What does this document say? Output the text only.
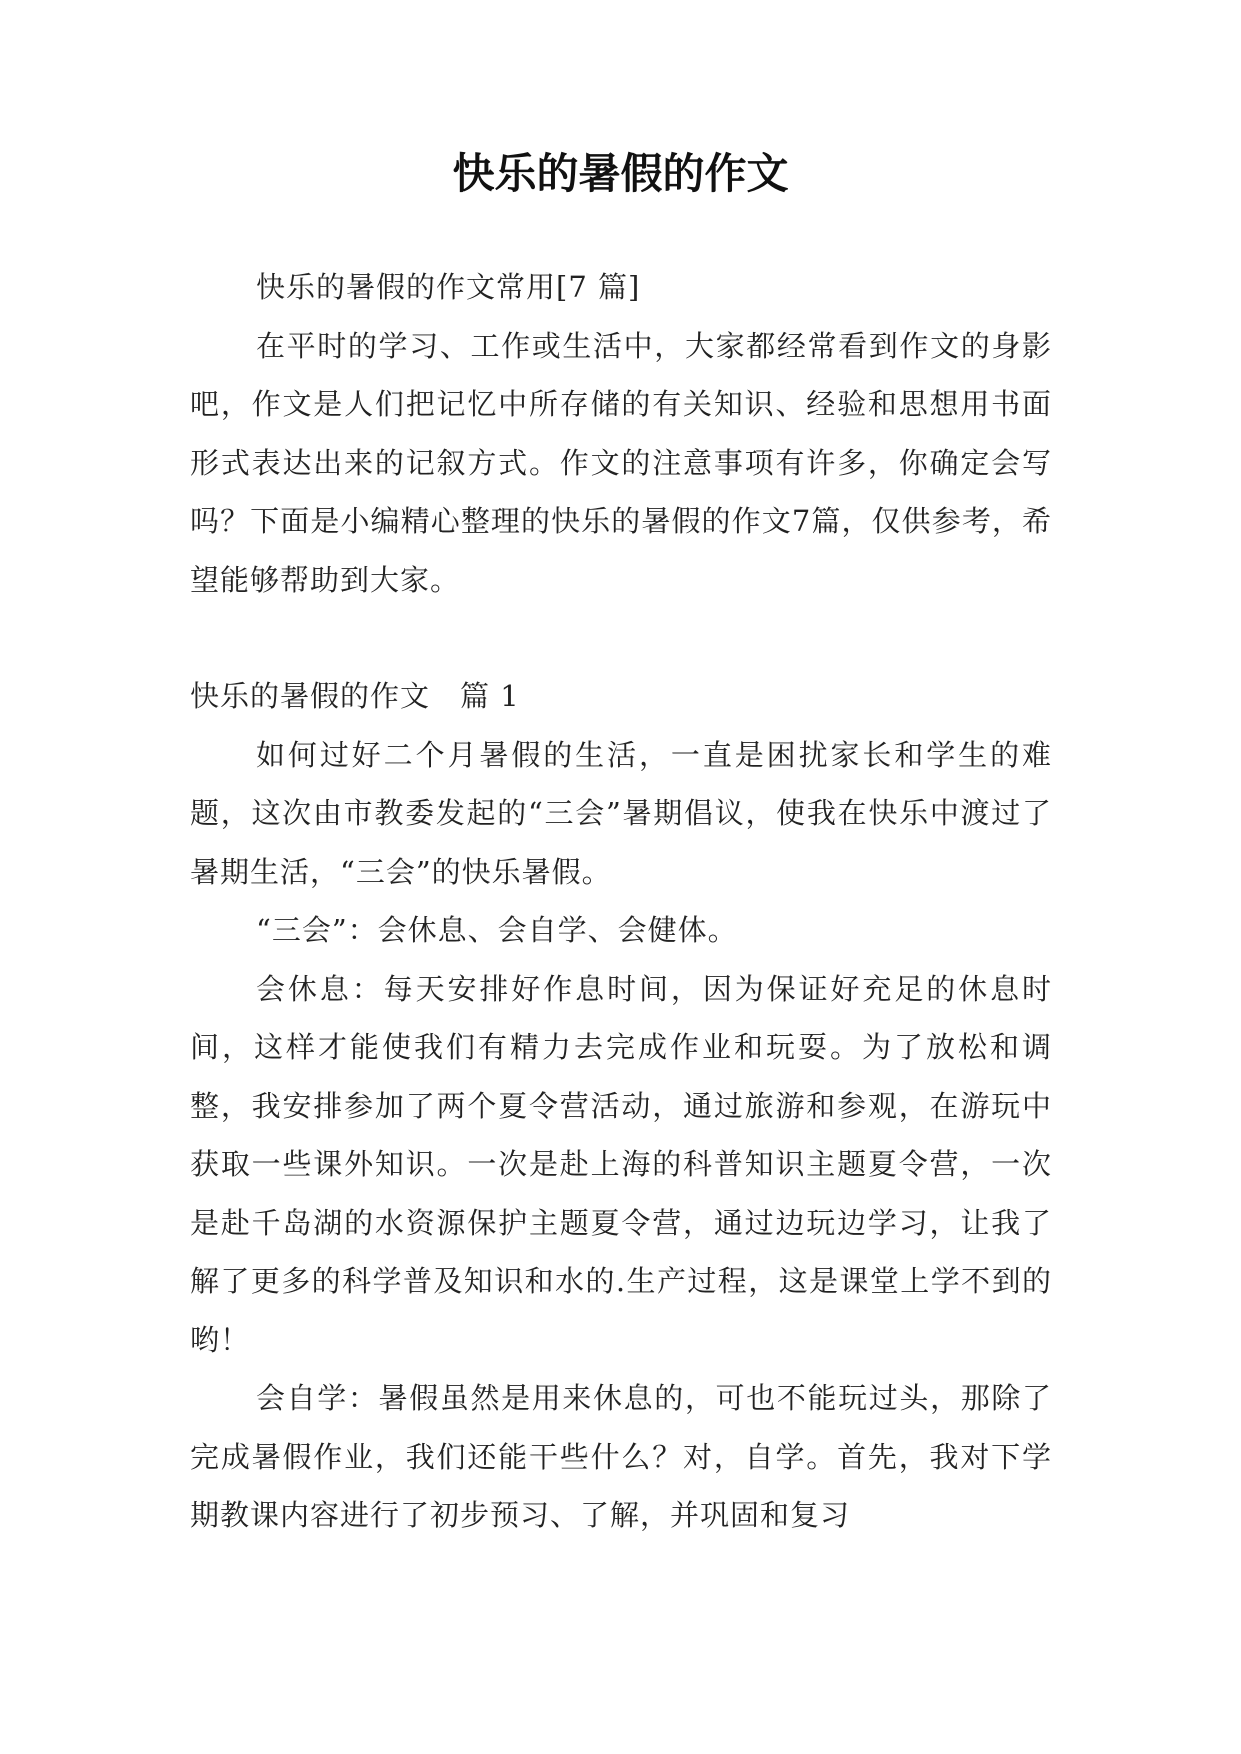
快乐的暑假的作文

快乐的暑假的作文常用[7 篇]

在平时的学习、工作或生活中，大家都经常看到作文的身影吧，作文是人们把记忆中所存储的有关知识、经验和思想用书面形式表达出来的记叙方式。作文的注意事项有许多，你确定会写吗？下面是小编精心整理的快乐的暑假的作文7篇，仅供参考，希望能够帮助到大家。

快乐的暑假的作文　篇 1

如何过好二个月暑假的生活，一直是困扰家长和学生的难题，这次由市教委发起的“三会”暑期倡议，使我在快乐中渡过了暑期生活，“三会”的快乐暑假。

“三会”：会休息、会自学、会健体。

会休息：每天安排好作息时间，因为保证好充足的休息时间，这样才能使我们有精力去完成作业和玩耍。为了放松和调整，我安排参加了两个夏令营活动，通过旅游和参观，在游玩中获取一些课外知识。一次是赴上海的科普知识主题夏令营，一次是赴千岛湖的水资源保护主题夏令营，通过边玩边学习，让我了解了更多的科学普及知识和水的.生产过程，这是课堂上学不到的哟！

会自学：暑假虽然是用来休息的，可也不能玩过头，那除了完成暑假作业，我们还能干些什么？对，自学。首先，我对下学期教课内容进行了初步预习、了解，并巩固和复习
